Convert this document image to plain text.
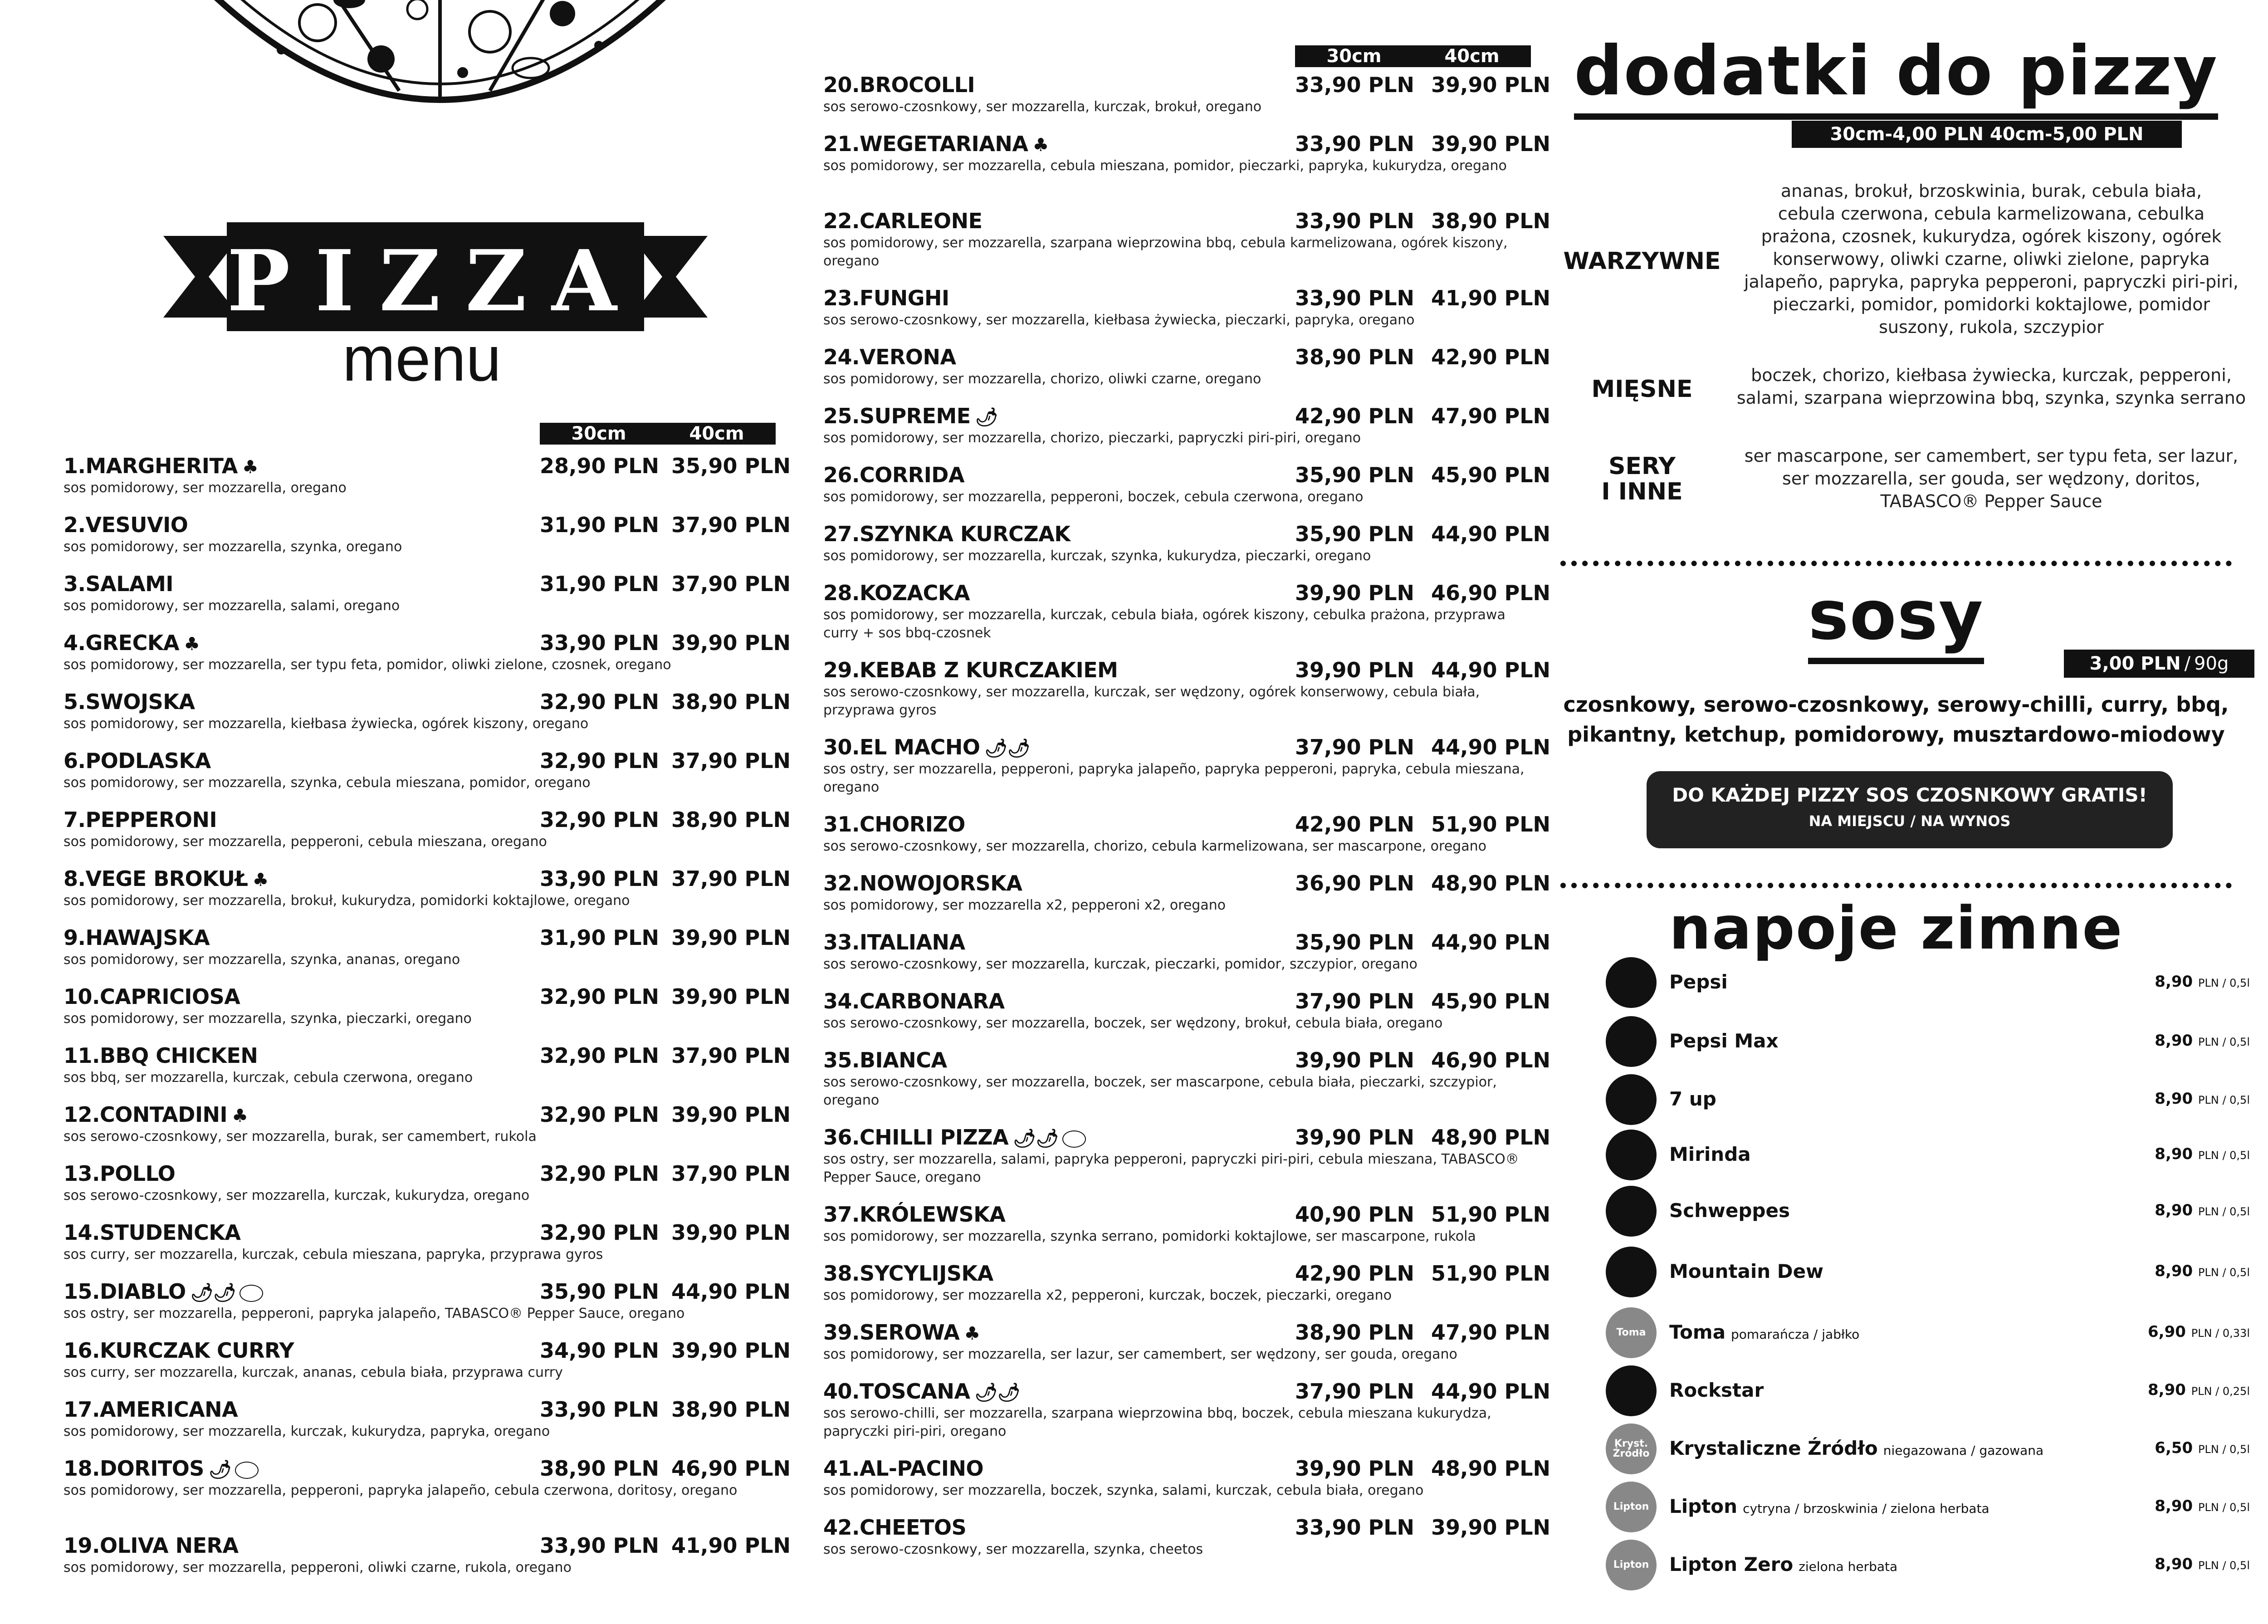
PIZZA
menu
30cm	40cm
1.MARGHERITA ♣	28,90 PLN 35,90 PLN
sos pomidorowy, ser mozzarella, oregano
2.VESUVIO	31,90 PLN 37,90 PLN
sos pomidorowy, ser mozzarella, szynka, oregano
3.SALAMI	31,90 PLN 37,90 PLN
sos pomidorowy, ser mozzarella, salami, oregano
4.GRECKA ♣	33,90 PLN 39,90 PLN
sos pomidorowy, ser mozzarella, ser typu feta, pomidor, oliwki zielone, czosnek, oregano
5.SWOJSKA	32,90 PLN 38,90 PLN
sos pomidorowy, ser mozzarella, kiełbasa żywiecka, ogórek kiszony, oregano
6.PODLASKA	32,90 PLN 37,90 PLN
sos pomidorowy, ser mozzarella, szynka, cebula mieszana, pomidor, oregano
7.PEPPERONI	32,90 PLN 38,90 PLN
sos pomidorowy, ser mozzarella, pepperoni, cebula mieszana, oregano
8.VEGE BROKUŁ ♣	33,90 PLN 37,90 PLN
sos pomidorowy, ser mozzarella, brokuł, kukurydza, pomidorki koktajlowe, oregano
9.HAWAJSKA	31,90 PLN 39,90 PLN
sos pomidorowy, ser mozzarella, szynka, ananas, oregano
10.CAPRICIOSA	32,90 PLN 39,90 PLN
sos pomidorowy, ser mozzarella, szynka, pieczarki, oregano
11.BBQ CHICKEN	32,90 PLN 37,90 PLN
sos bbq, ser mozzarella, kurczak, cebula czerwona, oregano
12.CONTADINI ♣	32,90 PLN 39,90 PLN
sos serowo-czosnkowy, ser mozzarella, burak, ser camembert, rukola
13.POLLO	32,90 PLN 37,90 PLN
sos serowo-czosnkowy, ser mozzarella, kurczak, kukurydza, oregano
14.STUDENCKA	32,90 PLN 39,90 PLN
sos curry, ser mozzarella, kurczak, cebula mieszana, papryka, przyprawa gyros
15.DIABLO 🌶🌶	35,90 PLN 44,90 PLN
sos ostry, ser mozzarella, pepperoni, papryka jalapeño, TABASCO® Pepper Sauce, oregano
16.KURCZAK CURRY	34,90 PLN 39,90 PLN
sos curry, ser mozzarella, kurczak, ananas, cebula biała, przyprawa curry
17.AMERICANA	33,90 PLN 38,90 PLN
sos pomidorowy, ser mozzarella, kurczak, kukurydza, papryka, oregano
18.DORITOS 🌶	38,90 PLN 46,90 PLN
sos pomidorowy, ser mozzarella, pepperoni, papryka jalapeño, cebula czerwona, doritosy, oregano
19.OLIVA NERA	33,90 PLN 41,90 PLN
sos pomidorowy, ser mozzarella, pepperoni, oliwki czarne, rukola, oregano
30cm	40cm
20.BROCOLLI	33,90 PLN 39,90 PLN
sos serowo-czosnkowy, ser mozzarella, kurczak, brokuł, oregano
21.WEGETARIANA ♣	33,90 PLN 39,90 PLN
sos pomidorowy, ser mozzarella, cebula mieszana, pomidor, pieczarki, papryka, kukurydza, oregano
22.CARLEONE	33,90 PLN 38,90 PLN
sos pomidorowy, ser mozzarella, szarpana wieprzowina bbq, cebula karmelizowana, ogórek kiszony, oregano
23.FUNGHI	33,90 PLN 41,90 PLN
sos serowo-czosnkowy, ser mozzarella, kiełbasa żywiecka, pieczarki, papryka, oregano
24.VERONA	38,90 PLN 42,90 PLN
sos pomidorowy, ser mozzarella, chorizo, oliwki czarne, oregano
25.SUPREME 🌶	42,90 PLN 47,90 PLN
sos pomidorowy, ser mozzarella, chorizo, pieczarki, papryczki piri-piri, oregano
26.CORRIDA	35,90 PLN 45,90 PLN
sos pomidorowy, ser mozzarella, pepperoni, boczek, cebula czerwona, oregano
27.SZYNKA KURCZAK	35,90 PLN 44,90 PLN
sos pomidorowy, ser mozzarella, kurczak, szynka, kukurydza, pieczarki, oregano
28.KOZACKA	39,90 PLN 46,90 PLN
sos pomidorowy, ser mozzarella, kurczak, cebula biała, ogórek kiszony, cebulka prażona, przyprawa curry + sos bbq-czosnek
29.KEBAB Z KURCZAKIEM	39,90 PLN 44,90 PLN
sos serowo-czosnkowy, ser mozzarella, kurczak, ser wędzony, ogórek konserwowy, cebula biała, przyprawa gyros
30.EL MACHO 🌶🌶	37,90 PLN 44,90 PLN
sos ostry, ser mozzarella, pepperoni, papryka jalapeño, papryka pepperoni, papryka, cebula mieszana, oregano
31.CHORIZO	42,90 PLN 51,90 PLN
sos serowo-czosnkowy, ser mozzarella, chorizo, cebula karmelizowana, ser mascarpone, oregano
32.NOWOJORSKA	36,90 PLN 48,90 PLN
sos pomidorowy, ser mozzarella x2, pepperoni x2, oregano
33.ITALIANA	35,90 PLN 44,90 PLN
sos serowo-czosnkowy, ser mozzarella, kurczak, pieczarki, pomidor, szczypior, oregano
34.CARBONARA	37,90 PLN 45,90 PLN
sos serowo-czosnkowy, ser mozzarella, boczek, ser wędzony, brokuł, cebula biała, oregano
35.BIANCA	39,90 PLN 46,90 PLN
sos serowo-czosnkowy, ser mozzarella, boczek, ser mascarpone, cebula biała, pieczarki, szczypior, oregano
36.CHILLI PIZZA 🌶🌶	39,90 PLN 48,90 PLN
sos ostry, ser mozzarella, salami, papryka pepperoni, papryczki piri-piri, cebula mieszana, TABASCO® Pepper Sauce, oregano
37.KRÓLEWSKA	40,90 PLN 51,90 PLN
sos pomidorowy, ser mozzarella, szynka serrano, pomidorki koktajlowe, ser mascarpone, rukola
38.SYCYLIJSKA	42,90 PLN 51,90 PLN
sos pomidorowy, ser mozzarella x2, pepperoni, kurczak, boczek, pieczarki, oregano
39.SEROWA ♣	38,90 PLN 47,90 PLN
sos pomidorowy, ser mozzarella, ser lazur, ser camembert, ser wędzony, ser gouda, oregano
40.TOSCANA 🌶🌶	37,90 PLN 44,90 PLN
sos serowo-chilli, ser mozzarella, szarpana wieprzowina bbq, boczek, cebula mieszana kukurydza, papryczki piri-piri, oregano
41.AL-PACINO	39,90 PLN 48,90 PLN
sos pomidorowy, ser mozzarella, boczek, szynka, salami, kurczak, cebula biała, oregano
42.CHEETOS	33,90 PLN 39,90 PLN
sos serowo-czosnkowy, ser mozzarella, szynka, cheetos
dodatki do pizzy
30cm-4,00 PLN 40cm-5,00 PLN
WARZYWNE
ananas, brokuł, brzoskwinia, burak, cebula biała,
cebula czerwona, cebula karmelizowana, cebulka
prażona, czosnek, kukurydza, ogórek kiszony, ogórek
konserwowy, oliwki czarne, oliwki zielone, papryka
jalapeño, papryka, papryka pepperoni, papryczki piri-piri,
pieczarki, pomidor, pomidorki koktajlowe, pomidor
suszony, rukola, szczypior
MIĘSNE
boczek, chorizo, kiełbasa żywiecka, kurczak, pepperoni,
salami, szarpana wieprzowina bbq, szynka, szynka serrano
SERY
I INNE
ser mascarpone, ser camembert, ser typu feta, ser lazur,
ser mozzarella, ser gouda, ser wędzony, doritos,
TABASCO® Pepper Sauce
sosy
3,00 PLN / 90g
czosnkowy, serowo-czosnkowy, serowy-chilli, curry, bbq,
pikantny, ketchup, pomidorowy, musztardowo-miodowy
DO KAŻDEJ PIZZY SOS CZOSNKOWY GRATIS!
NA MIEJSCU / NA WYNOS
napoje zimne
Pepsi	8,90 PLN / 0,5l
Pepsi Max	8,90 PLN / 0,5l
7 up	8,90 PLN / 0,5l
Mirinda	8,90 PLN / 0,5l
Schweppes	8,90 PLN / 0,5l
Mountain Dew	8,90 PLN / 0,5l
Toma Toma pomarańcza / jabłko	6,90 PLN / 0,33l
Rockstar	8,90 PLN / 0,25l
Kryst. Źródło	Krystaliczne Źródło niegazowana / gazowana	6,50 PLN / 0,5l
Lipton Lipton cytryna / brzoskwinia / zielona herbata	8,90 PLN / 0,5l
Lipton Lipton Zero zielona herbata	8,90 PLN / 0,5l
